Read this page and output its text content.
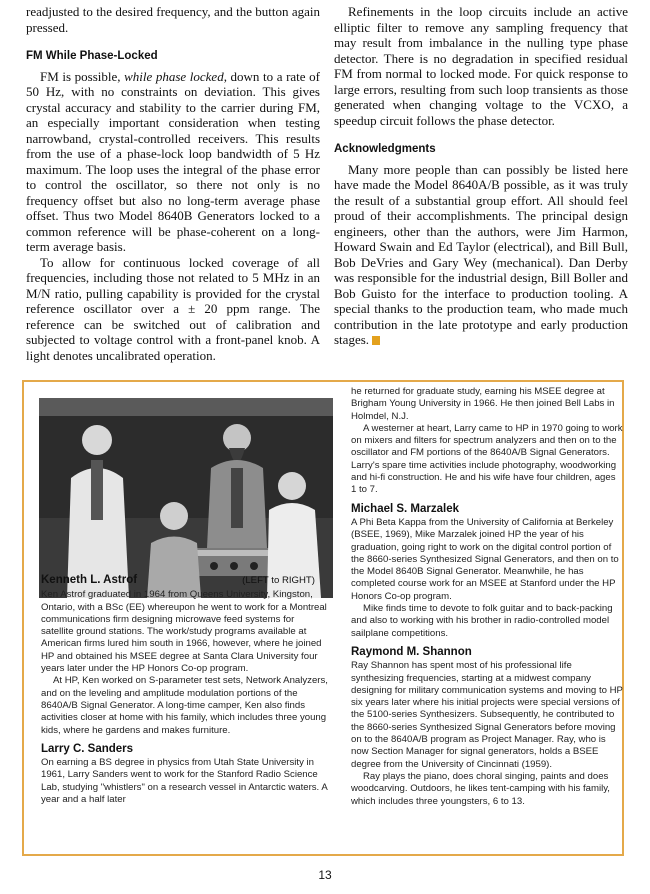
readjusted to the desired frequency, and the button again pressed.

FM While Phase-Locked

FM is possible, while phase locked, down to a rate of 50 Hz, with no constraints on deviation. This gives crystal accuracy and stability to the carrier during FM, an especially important consideration when testing narrowband, crystal-controlled receivers. This results from the use of a phase-lock loop bandwidth of 5 Hz maximum. The loop uses the integral of the phase error to control the oscillator, so there not only is no frequency offset but also no long-term average phase offset. Thus two Model 8640B Generators locked to a common reference will be phase-coherent on a long-term average basis.

To allow for continuous locked coverage of all frequencies, including those not related to 5 MHz in an M/N ratio, pulling capability is provided for the crystal reference oscillator over a ± 20 ppm range. The reference can be switched out of calibration and subjected to voltage control with a front-panel knob. A light denotes uncalibrated operation.

Refinements in the loop circuits include an active elliptic filter to remove any sampling frequency that may result from imbalance in the nulling type phase detector. There is no degradation in specified residual FM from normal to locked mode. For quick response to large errors, resulting from such loop transients as those generated when changing voltage to the VCXO, a speedup circuit follows the phase detector.

Acknowledgments

Many more people than can possibly be listed here have made the Model 8640A/B possible, as it was truly the result of a substantial group effort. All should feel proud of their accomplishments. The principal design engineers, other than the authors, were Jim Harmon, Howard Swain and Ed Taylor (electrical), and Bill Bull, Bob DeVries and Gary Wey (mechanical). Dan Derby was responsible for the industrial design, Bill Boller and Bob Guisto for the interface to production tooling. A special thanks to the production team, who made much contribution in the late prototype and early production stages.

Kenneth L. Astrof	(LEFT to RIGHT)

Ken Astrof graduated in 1964 from Queens University, Kingston, Ontario, with a BSc (EE) whereupon he went to work for a Montreal communications firm designing microwave feed systems for satellite ground stations. The work/study programs available at American firms lured him south in 1966, however, where he joined HP and obtained his MSEE degree at Santa Clara University four years later under the HP Honors Co-op program.

At HP, Ken worked on S-parameter test sets, Network Analyzers, and on the leveling and amplitude modulation portions of the 8640A/B Signal Generator. A long-time camper, Ken also finds activities closer at home with his family, which includes three young kids, where he gardens and makes furniture.

Larry C. Sanders

On earning a BS degree in physics from Utah State University in 1961, Larry Sanders went to work for the Stanford Radio Science Lab, studying "whistlers" on a research vessel in Antarctic waters. A year and a half later

he returned for graduate study, earning his MSEE degree at Brigham Young University in 1966. He then joined Bell Labs in Holmdel, N.J.

A westerner at heart, Larry came to HP in 1970 going to work on mixers and filters for spectrum analyzers and then on to the oscillator and FM portions of the 8640A/B Signal Generators. Larry's spare time activities include photography, woodworking and hi-fi construction. He and his wife have four children, ages 1 to 7.

Michael S. Marzalek

A Phi Beta Kappa from the University of California at Berkeley (BSEE, 1969), Mike Marzalek joined HP the year of his graduation, going right to work on the digital control portion of the 8660-series Synthesized Signal Generators, and then on to the Model 8640B Signal Generator. Meanwhile, he has completed course work for an MSEE at Stanford under the HP Honors Co-op program.

Mike finds time to devote to folk guitar and to back-packing and also to working with his brother in radio-controlled model sailplane competitions.

Raymond M. Shannon

Ray Shannon has spent most of his professional life synthesizing frequencies, starting at a midwest company designing for military communication systems and moving to HP six years later where his initial projects were special versions of the 5100-series Synthesizers. Subsequently, he contributed to the 8660-series Synthesized Signal Generators before moving on to the 8640A/B program as Project Manager. Ray, who is now Section Manager for signal generators, holds a BSEE degree from the University of Cincinnati (1959).

Ray plays the piano, does choral singing, paints and does woodcarving. Outdoors, he likes tent-camping with his family, which includes three youngsters, 6 to 13.

13
